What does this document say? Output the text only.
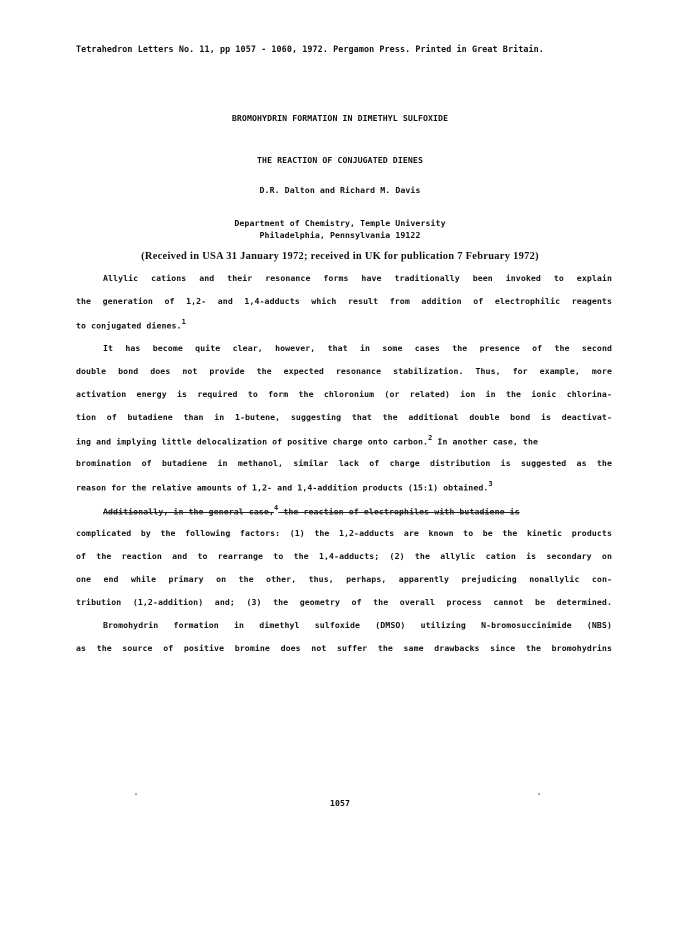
Tetrahedron Letters No. 11, pp 1057 - 1060, 1972. Pergamon Press. Printed in Great Britain.
BROMOHYDRIN FORMATION IN DIMETHYL SULFOXIDE
THE REACTION OF CONJUGATED DIENES
D.R. Dalton and Richard M. Davis
Department of Chemistry, Temple University
Philadelphia, Pennsylvania 19122
(Received in USA 31 January 1972; received in UK for publication 7 February 1972)
Allylic cations and their resonance forms have traditionally been invoked to explain
the generation of 1,2- and 1,4-adducts which result from addition of electrophilic reagents
to conjugated dienes.$^1$
It has become quite clear, however, that in some cases the presence of the second
double bond does not provide the expected resonance stabilization. Thus, for example, more
activation energy is required to form the chloronium (or related) ion in the ionic chlorina-
tion of butadiene than in 1-butene, suggesting that the additional double bond is deactivat-
ing and implying little delocalization of positive charge onto carbon.$^2$ In another case, the
bromination of butadiene in methanol, similar lack of charge distribution is suggested as the
reason for the relative amounts of 1,2- and 1,4-addition products (15:1) obtained.$^3$
Additionally, in the general case,$^4$ the reaction of electrophiles with butadiene is
complicated by the following factors: (1) the 1,2-adducts are known to be the kinetic products
of the reaction and to rearrange to the 1,4-adducts; (2) the allylic cation is secondary on
one end while primary on the other, thus, perhaps, apparently prejudicing nonallylic con-
tribution (1,2-addition) and; (3) the geometry of the overall process cannot be determined.
Bromohydrin formation in dimethyl sulfoxide (DMSO) utilizing N-bromosuccinimide (NBS)
as the source of positive bromine does not suffer the same drawbacks since the bromohydrins
1057
